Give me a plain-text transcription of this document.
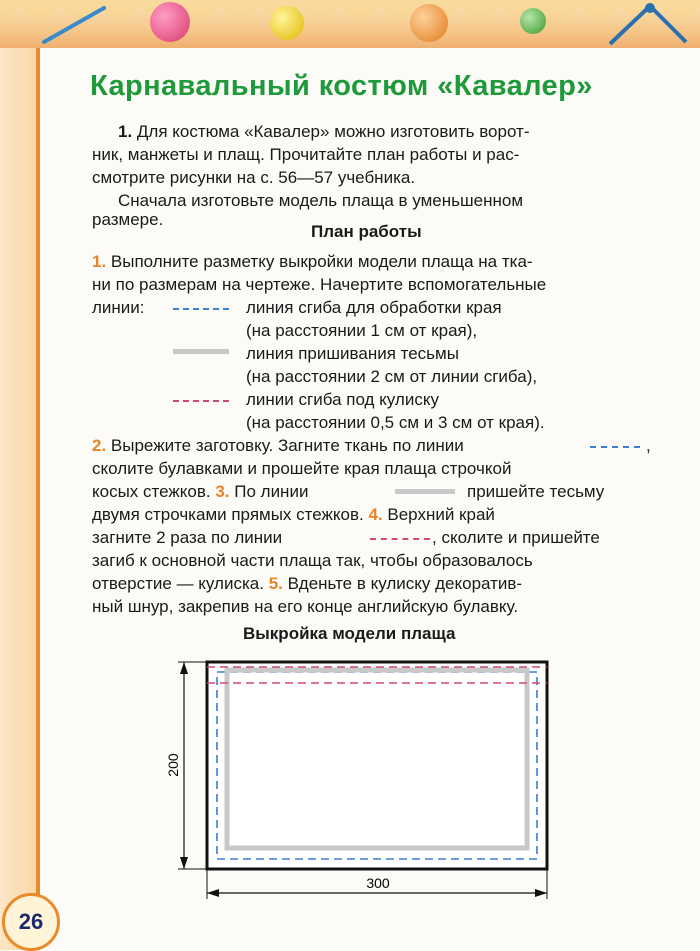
Карнавальный костюм «Кавалер»
1. Для костюма «Кавалер» можно изготовить ворот-
ник, манжеты и плащ. Прочитайте план работы и рас-
смотрите рисунки на с. 56—57 учебника.
Сначала изготовьте модель плаща в уменьшенном
размере.
План работы
1. Выполните разметку выкройки модели плаща на тка-
ни по размерам на чертеже. Начертите вспомогательные
линии:	линия сгиба для обработки края
(на расстоянии 1 см от края),
линия пришивания тесьмы
(на расстоянии 2 см от линии сгиба),
линии сгиба под кулиску
(на расстоянии 0,5 см и 3 см от края).
2. Вырежите заготовку. Загните ткань по линии	,
сколите булавками и прошейте края плаща строчкой
косых стежков. 3. По линии	пришейте тесьму
двумя строчками прямых стежков. 4. Верхний край
загните 2 раза по линии	, сколите и пришейте
загиб к основной части плаща так, чтобы образовалось
отверстие — кулиска. 5. Вденьте в кулиску декоратив-
ный шнур, закрепив на его конце английскую булавку.
Выкройка модели плаща
200
300
26
